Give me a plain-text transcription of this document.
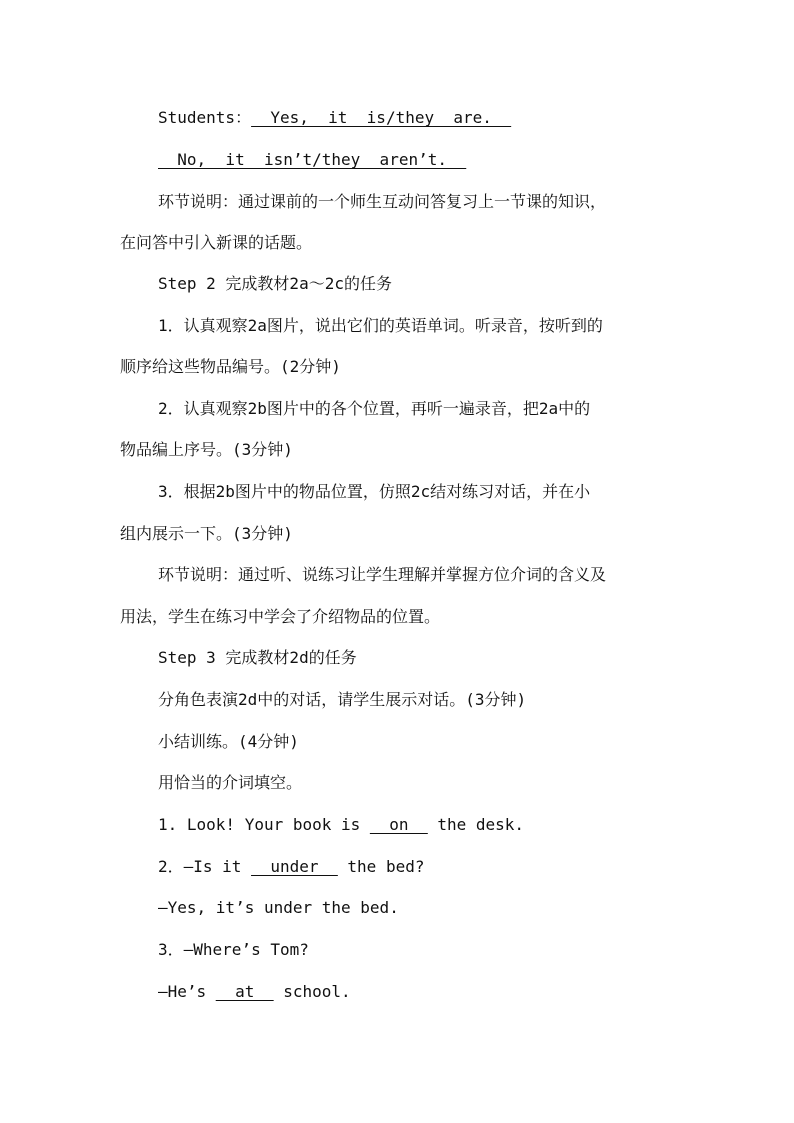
Students：  Yes,  it  is/they  are.
No,  it  isn’t/they  aren’t.
环节说明：通过课前的一个师生互动问答复习上一节课的知识，
在问答中引入新课的话题。
Step 2 完成教材2a～2c的任务
1．认真观察2a图片，说出它们的英语单词。听录音，按听到的
顺序给这些物品编号。(2分钟)
2．认真观察2b图片中的各个位置，再听一遍录音，把2a中的
物品编上序号。(3分钟)
3．根据2b图片中的物品位置，仿照2c结对练习对话，并在小
组内展示一下。(3分钟)
环节说明：通过听、说练习让学生理解并掌握方位介词的含义及
用法，学生在练习中学会了介绍物品的位置。
Step 3 完成教材2d的任务
分角色表演2d中的对话，请学生展示对话。(3分钟)
小结训练。(4分钟)
用恰当的介词填空。
1. Look! Your book is __on__ the desk.
2．—Is it __under__ the bed?
—Yes, it’s under the bed.
3．—Where’s Tom?
—He’s __at__ school.
